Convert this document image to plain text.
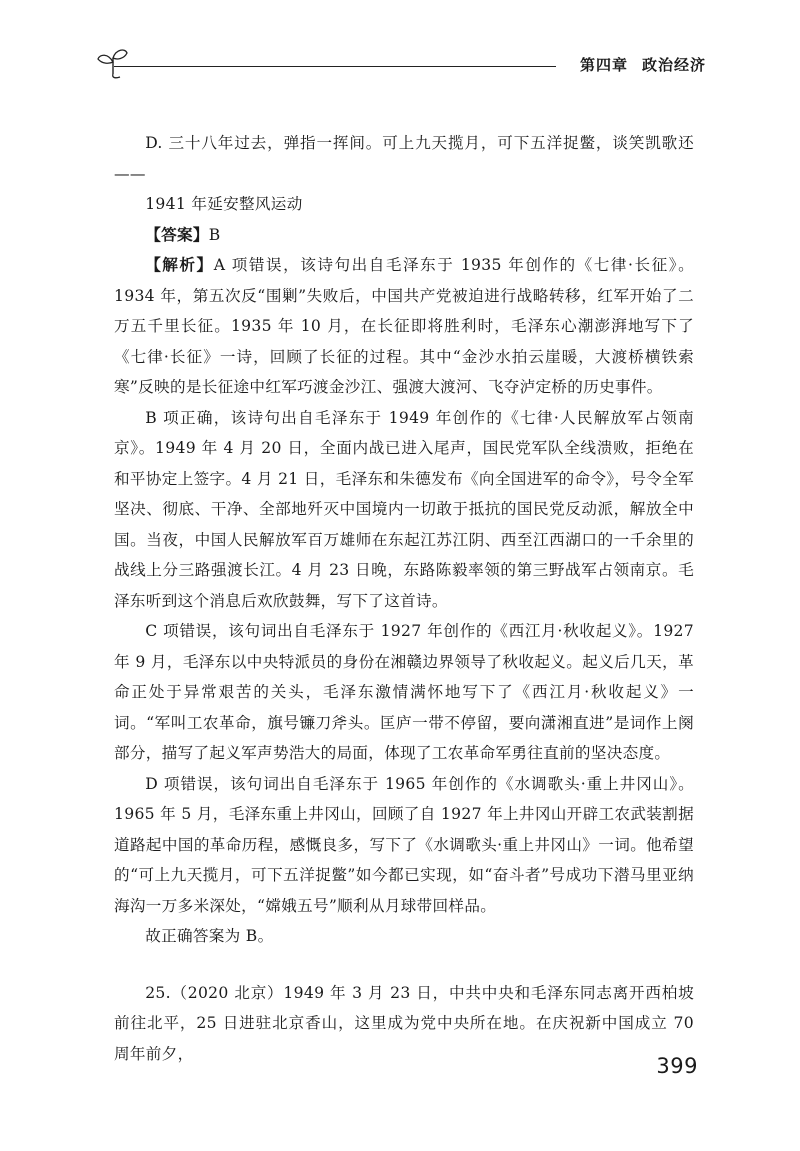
第四章 政治经济

D. 三十八年过去，弹指一挥间。可上九天揽月，可下五洋捉鳖，谈笑凯歌还——

1941 年延安整风运动

【答案】B

【解析】A 项错误，该诗句出自毛泽东于 1935 年创作的《七律·长征》。1934 年，第五次反“围剿”失败后，中国共产党被迫进行战略转移，红军开始了二万五千里长征。1935 年 10 月，在长征即将胜利时，毛泽东心潮澎湃地写下了《七律·长征》一诗，回顾了长征的过程。其中“金沙水拍云崖暖，大渡桥横铁索寒”反映的是长征途中红军巧渡金沙江、强渡大渡河、飞夺泸定桥的历史事件。

B 项正确，该诗句出自毛泽东于 1949 年创作的《七律·人民解放军占领南京》。1949 年 4 月 20 日，全面内战已进入尾声，国民党军队全线溃败，拒绝在和平协定上签字。4 月 21 日，毛泽东和朱德发布《向全国进军的命令》，号令全军坚决、彻底、干净、全部地歼灭中国境内一切敢于抵抗的国民党反动派，解放全中国。当夜，中国人民解放军百万雄师在东起江苏江阴、西至江西湖口的一千余里的战线上分三路强渡长江。4 月 23 日晚，东路陈毅率领的第三野战军占领南京。毛泽东听到这个消息后欢欣鼓舞，写下了这首诗。

C 项错误，该句词出自毛泽东于 1927 年创作的《西江月·秋收起义》。1927 年 9 月，毛泽东以中央特派员的身份在湘赣边界领导了秋收起义。起义后几天，革命正处于异常艰苦的关头，毛泽东激情满怀地写下了《西江月·秋收起义》一词。“军叫工农革命，旗号镰刀斧头。匡庐一带不停留，要向潇湘直进”是词作上阕部分，描写了起义军声势浩大的局面，体现了工农革命军勇往直前的坚决态度。

D 项错误，该句词出自毛泽东于 1965 年创作的《水调歌头·重上井冈山》。1965 年 5 月，毛泽东重上井冈山，回顾了自 1927 年上井冈山开辟工农武装割据道路起中国的革命历程，感慨良多，写下了《水调歌头·重上井冈山》一词。他希望的“可上九天揽月，可下五洋捉鳖”如今都已实现，如“奋斗者”号成功下潜马里亚纳海沟一万多米深处，“嫦娥五号”顺利从月球带回样品。

故正确答案为 B。

25.（2020 北京）1949 年 3 月 23 日，中共中央和毛泽东同志离开西柏坡前往北平，25 日进驻北京香山，这里成为党中央所在地。在庆祝新中国成立 70 周年前夕，

399
